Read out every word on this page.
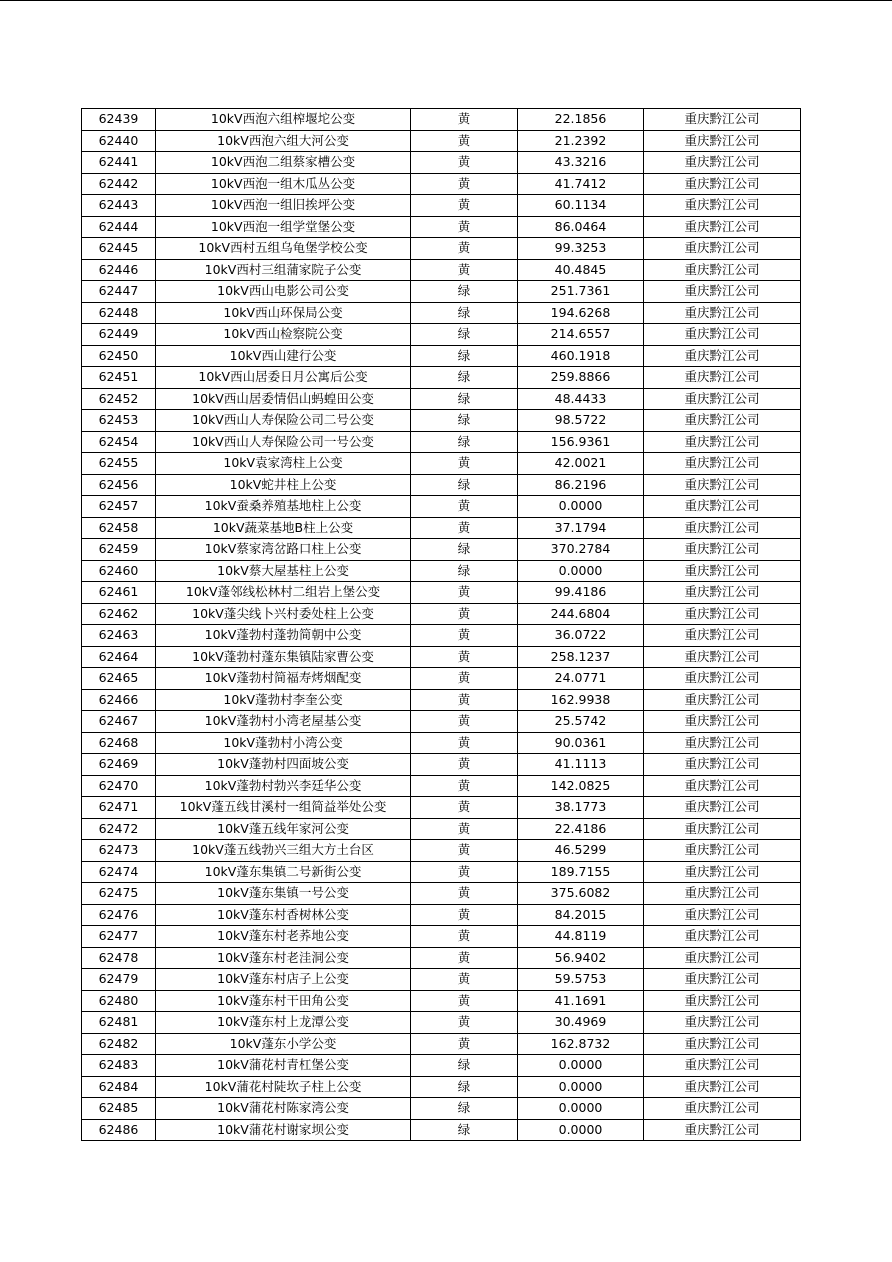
62439	10kV西泡六组榨堰坨公变	黄	22.1856	重庆黔江公司
62440	10kV西泡六组大河公变	黄	21.2392	重庆黔江公司
62441	10kV西泡二组蔡家槽公变	黄	43.3216	重庆黔江公司
62442	10kV西泡一组木瓜丛公变	黄	41.7412	重庆黔江公司
62443	10kV西泡一组旧挨坪公变	黄	60.1134	重庆黔江公司
62444	10kV西泡一组学堂堡公变	黄	86.0464	重庆黔江公司
62445	10kV西村五组乌龟堡学校公变	黄	99.3253	重庆黔江公司
62446	10kV西村三组蒲家院子公变	黄	40.4845	重庆黔江公司
62447	10kV西山电影公司公变	绿	251.7361	重庆黔江公司
62448	10kV西山环保局公变	绿	194.6268	重庆黔江公司
62449	10kV西山检察院公变	绿	214.6557	重庆黔江公司
62450	10kV西山建行公变	绿	460.1918	重庆黔江公司
62451	10kV西山居委日月公寓后公变	绿	259.8866	重庆黔江公司
62452	10kV西山居委情侣山蚂蝗田公变	绿	48.4433	重庆黔江公司
62453	10kV西山人寿保险公司二号公变	绿	98.5722	重庆黔江公司
62454	10kV西山人寿保险公司一号公变	绿	156.9361	重庆黔江公司
62455	10kV袁家湾柱上公变	黄	42.0021	重庆黔江公司
62456	10kV蛇井柱上公变	绿	86.2196	重庆黔江公司
62457	10kV蚕桑养殖基地柱上公变	黄	0.0000	重庆黔江公司
62458	10kV蔬菜基地B柱上公变	黄	37.1794	重庆黔江公司
62459	10kV蔡家湾岔路口柱上公变	绿	370.2784	重庆黔江公司
62460	10kV蔡大屋基柱上公变	绿	0.0000	重庆黔江公司
62461	10kV蓬邻线松林村二组岩上堡公变	黄	99.4186	重庆黔江公司
62462	10kV蓬尖线卜兴村委处柱上公变	黄	244.6804	重庆黔江公司
62463	10kV蓬勃村蓬勃简朝中公变	黄	36.0722	重庆黔江公司
62464	10kV蓬勃村蓬东集镇陆家曹公变	黄	258.1237	重庆黔江公司
62465	10kV蓬勃村简福寿烤烟配变	黄	24.0771	重庆黔江公司
62466	10kV蓬勃村李奎公变	黄	162.9938	重庆黔江公司
62467	10kV蓬勃村小湾老屋基公变	黄	25.5742	重庆黔江公司
62468	10kV蓬勃村小湾公变	黄	90.0361	重庆黔江公司
62469	10kV蓬勃村四面坡公变	黄	41.1113	重庆黔江公司
62470	10kV蓬勃村勃兴李廷华公变	黄	142.0825	重庆黔江公司
62471	10kV蓬五线甘溪村一组简益举处公变	黄	38.1773	重庆黔江公司
62472	10kV蓬五线年家河公变	黄	22.4186	重庆黔江公司
62473	10kV蓬五线勃兴三组大方土台区	黄	46.5299	重庆黔江公司
62474	10kV蓬东集镇二号新街公变	黄	189.7155	重庆黔江公司
62475	10kV蓬东集镇一号公变	黄	375.6082	重庆黔江公司
62476	10kV蓬东村香树林公变	黄	84.2015	重庆黔江公司
62477	10kV蓬东村老荞地公变	黄	44.8119	重庆黔江公司
62478	10kV蓬东村老洼洞公变	黄	56.9402	重庆黔江公司
62479	10kV蓬东村店子上公变	黄	59.5753	重庆黔江公司
62480	10kV蓬东村干田角公变	黄	41.1691	重庆黔江公司
62481	10kV蓬东村上龙潭公变	黄	30.4969	重庆黔江公司
62482	10kV蓬东小学公变	黄	162.8732	重庆黔江公司
62483	10kV蒲花村青杠堡公变	绿	0.0000	重庆黔江公司
62484	10kV蒲花村陡坎子柱上公变	绿	0.0000	重庆黔江公司
62485	10kV蒲花村陈家湾公变	绿	0.0000	重庆黔江公司
62486	10kV蒲花村谢家坝公变	绿	0.0000	重庆黔江公司
